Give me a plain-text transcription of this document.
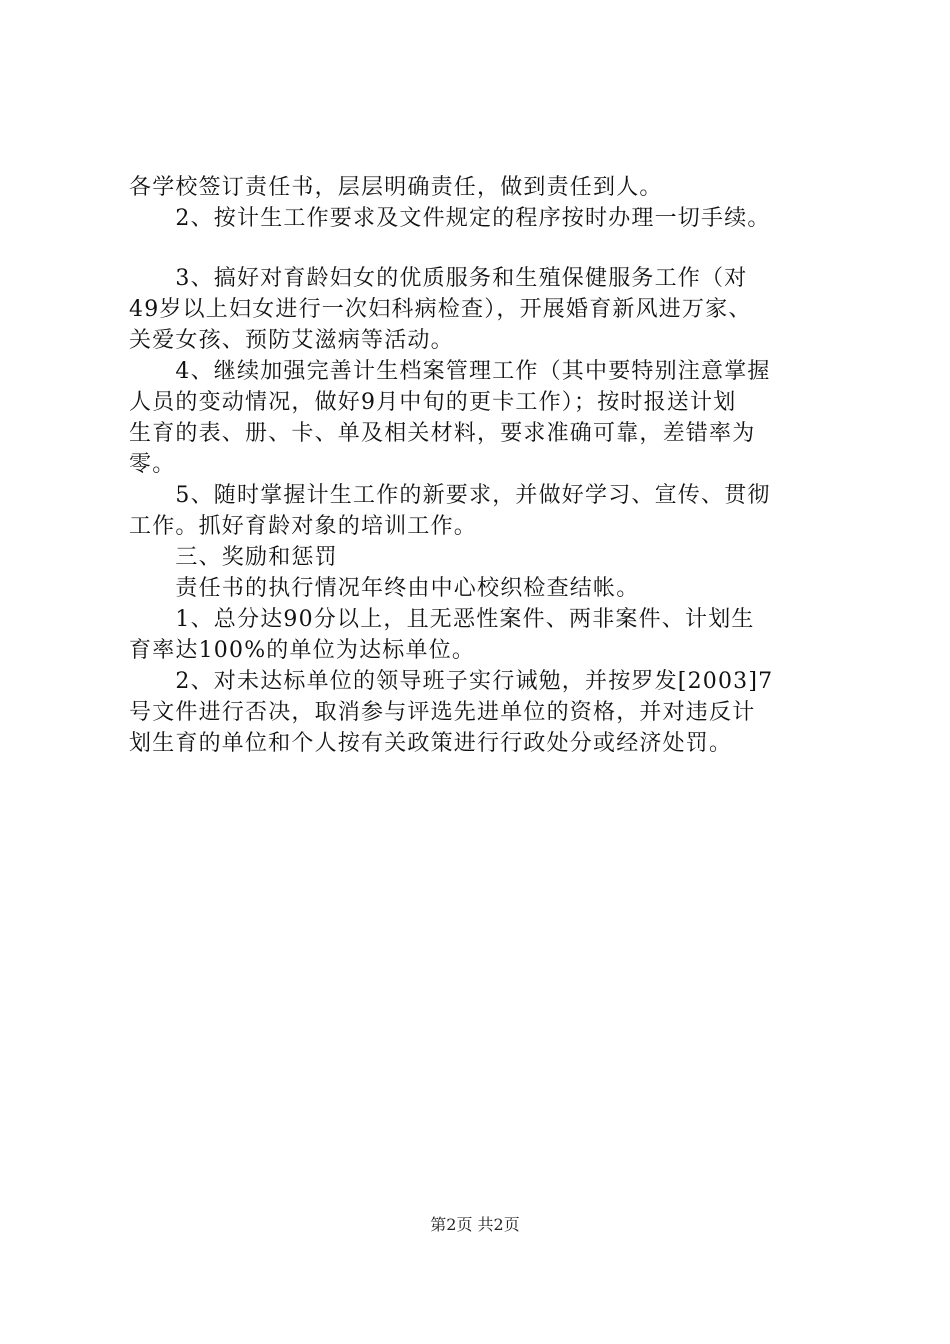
各学校签订责任书，层层明确责任，做到责任到人。
　　2、按计生工作要求及文件规定的程序按时办理一切手续。
　　3、搞好对育龄妇女的优质服务和生殖保健服务工作（对
49岁以上妇女进行一次妇科病检查），开展婚育新风进万家、
关爱女孩、预防艾滋病等活动。
　　4、继续加强完善计生档案管理工作（其中要特别注意掌握
人员的变动情况，做好9月中旬的更卡工作）；按时报送计划
生育的表、册、卡、单及相关材料，要求准确可靠，差错率为
零。
　　5、随时掌握计生工作的新要求，并做好学习、宣传、贯彻
工作。抓好育龄对象的培训工作。
　　三、奖励和惩罚
　　责任书的执行情况年终由中心校织检查结帐。
　　1、总分达90分以上，且无恶性案件、两非案件、计划生
育率达100%的单位为达标单位。
　　2、对未达标单位的领导班子实行诫勉，并按罗发[2003]7
号文件进行否决，取消参与评选先进单位的资格，并对违反计
划生育的单位和个人按有关政策进行行政处分或经济处罚。
第2页 共2页
